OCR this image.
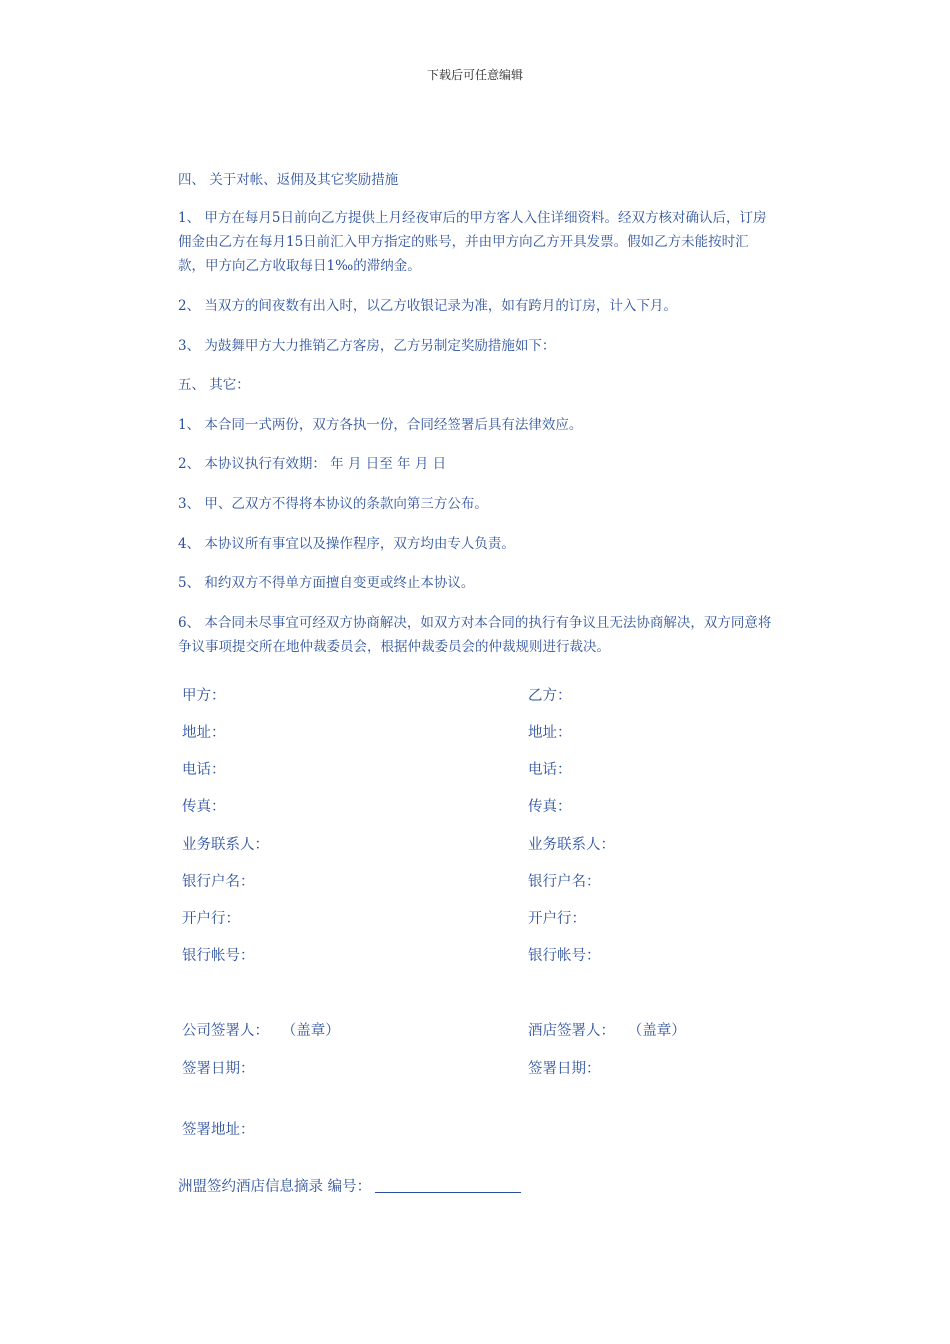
下载后可任意编辑
四、 关于对帐、返佣及其它奖励措施
1、 甲方在每月5日前向乙方提供上月经夜审后的甲方客人入住详细资料。经双方核对确认后，订房佣金由乙方在每月15日前汇入甲方指定的账号，并由甲方向乙方开具发票。假如乙方未能按时汇款，甲方向乙方收取每日1‰的滞纳金。
2、 当双方的间夜数有出入时，以乙方收银记录为准，如有跨月的订房，计入下月。
3、 为鼓舞甲方大力推销乙方客房，乙方另制定奖励措施如下：
五、 其它：
1、 本合同一式两份，双方各执一份，合同经签署后具有法律效应。
2、 本协议执行有效期： 年 月 日至 年 月 日
3、 甲、乙双方不得将本协议的条款向第三方公布。
4、 本协议所有事宜以及操作程序，双方均由专人负责。
5、 和约双方不得单方面擅自变更或终止本协议。
6、 本合同未尽事宜可经双方协商解决，如双方对本合同的执行有争议且无法协商解决，双方同意将争议事项提交所在地仲裁委员会，根据仲裁委员会的仲裁规则进行裁决。
甲方：	乙方：
地址：	地址：
电话：	电话：
传真：	传真：
业务联系人：	业务联系人：
银行户名：	银行户名：
开户行：	开户行：
银行帐号：	银行帐号：
公司签署人： （盖章）	酒店签署人： （盖章）
签署日期：	签署日期：
签署地址：
洲盟签约酒店信息摘录 编号：
